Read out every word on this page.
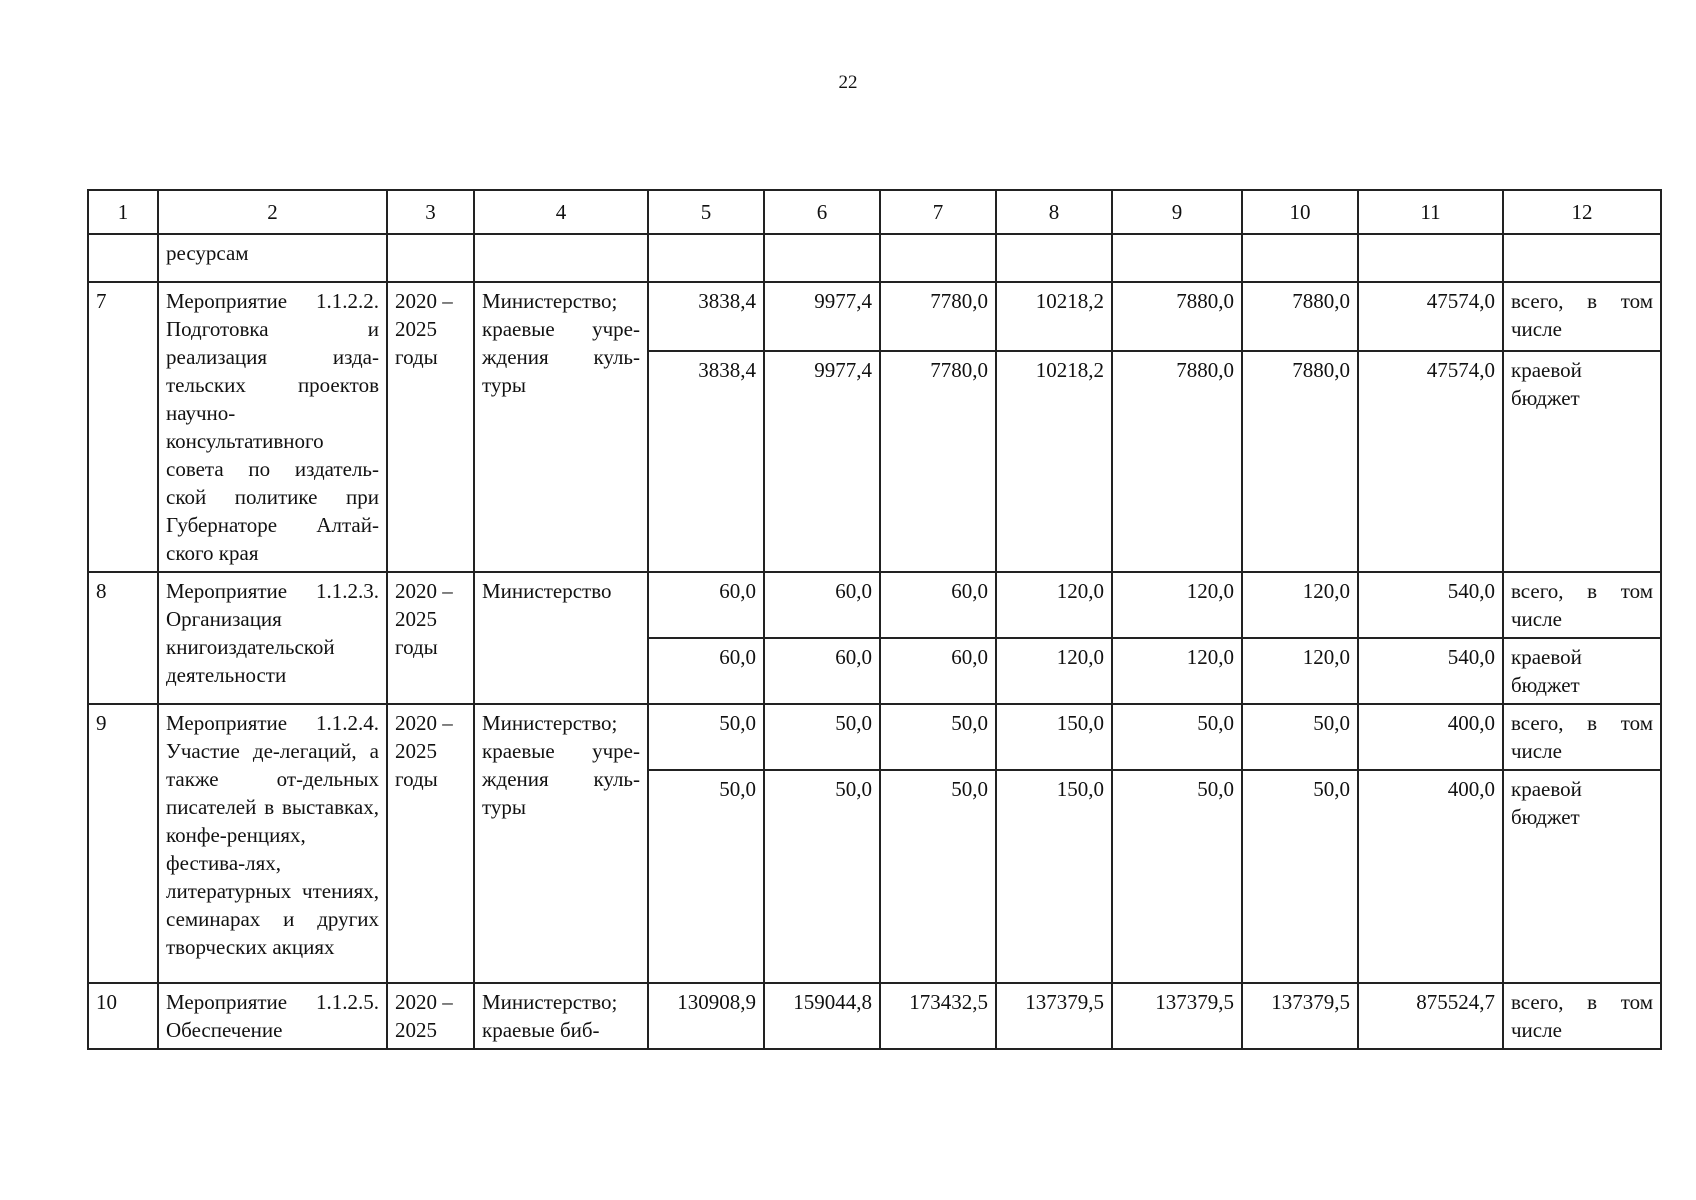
22
1	2	3	4	5	6	7	8	9	10	11	12
	ресурсам										
7	Мероприятие 1.1.2.2. Подготовка и реализация изда-тельских проектов научно-консультативного совета по издатель-ской политике при Губернаторе Алтай-ского края	2020 – 2025 годы	Министерство; краевые учре-ждения куль-туры	3838,4	9977,4	7780,0	10218,2	7880,0	7880,0	47574,0	всего, в том числе
				3838,4	9977,4	7780,0	10218,2	7880,0	7880,0	47574,0	краевой бюджет
8	Мероприятие 1.1.2.3. Организация книгоиздательской деятельности	2020 – 2025 годы	Министерство	60,0	60,0	60,0	120,0	120,0	120,0	540,0	всего, в том числе
				60,0	60,0	60,0	120,0	120,0	120,0	540,0	краевой бюджет
9	Мероприятие 1.1.2.4. Участие де-легаций, а также от-дельных писателей в выставках, конфе-ренциях, фестива-лях, литературных чтениях, семинарах и других творческих акциях	2020 – 2025 годы	Министерство; краевые учре-ждения куль-туры	50,0	50,0	50,0	150,0	50,0	50,0	400,0	всего, в том числе
				50,0	50,0	50,0	150,0	50,0	50,0	400,0	краевой бюджет
10	Мероприятие 1.1.2.5. Обеспечение	2020 – 2025	Министерство; краевые биб-	130908,9	159044,8	173432,5	137379,5	137379,5	137379,5	875524,7	всего, в том числе
